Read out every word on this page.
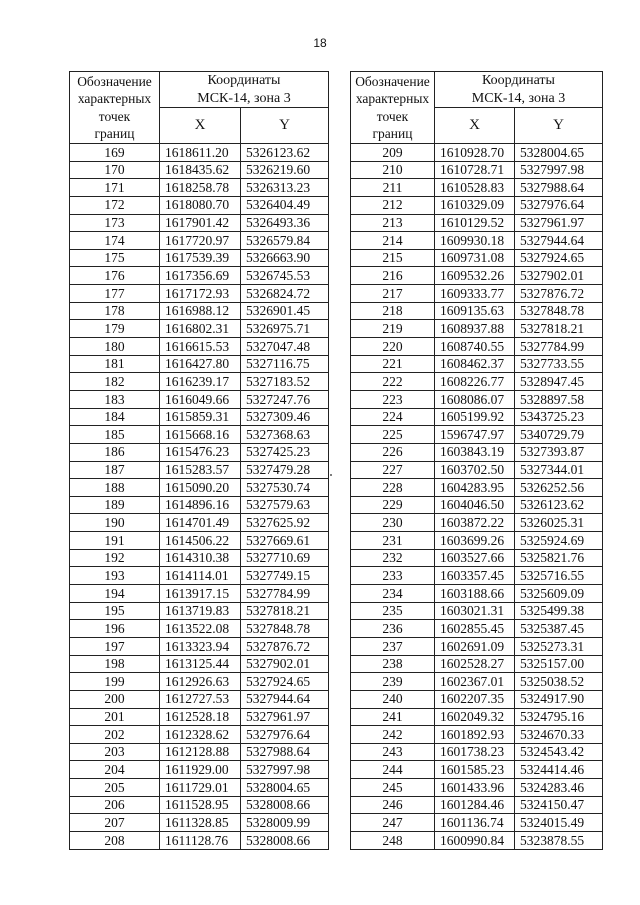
18
Обозначение
характерных
точек
границ	Координаты
МСК-14, зона 3	
	X	Y
169	1618611.20	5326123.62
170	1618435.62	5326219.60
171	1618258.78	5326313.23
172	1618080.70	5326404.49
173	1617901.42	5326493.36
174	1617720.97	5326579.84
175	1617539.39	5326663.90
176	1617356.69	5326745.53
177	1617172.93	5326824.72
178	1616988.12	5326901.45
179	1616802.31	5326975.71
180	1616615.53	5327047.48
181	1616427.80	5327116.75
182	1616239.17	5327183.52
183	1616049.66	5327247.76
184	1615859.31	5327309.46
185	1615668.16	5327368.63
186	1615476.23	5327425.23
187	1615283.57	5327479.28
188	1615090.20	5327530.74
189	1614896.16	5327579.63
190	1614701.49	5327625.92
191	1614506.22	5327669.61
192	1614310.38	5327710.69
193	1614114.01	5327749.15
194	1613917.15	5327784.99
195	1613719.83	5327818.21
196	1613522.08	5327848.78
197	1613323.94	5327876.72
198	1613125.44	5327902.01
199	1612926.63	5327924.65
200	1612727.53	5327944.64
201	1612528.18	5327961.97
202	1612328.62	5327976.64
203	1612128.88	5327988.64
204	1611929.00	5327997.98
205	1611729.01	5328004.65
206	1611528.95	5328008.66
207	1611328.85	5328009.99
208	1611128.76	5328008.66
Обозначение
характерных
точек
границ	Координаты
МСК-14, зона 3	
	X	Y
209	1610928.70	5328004.65
210	1610728.71	5327997.98
211	1610528.83	5327988.64
212	1610329.09	5327976.64
213	1610129.52	5327961.97
214	1609930.18	5327944.64
215	1609731.08	5327924.65
216	1609532.26	5327902.01
217	1609333.77	5327876.72
218	1609135.63	5327848.78
219	1608937.88	5327818.21
220	1608740.55	5327784.99
221	1608462.37	5327733.55
222	1608226.77	5328947.45
223	1608086.07	5328897.58
224	1605199.92	5343725.23
225	1596747.97	5340729.79
226	1603843.19	5327393.87
227	1603702.50	5327344.01
228	1604283.95	5326252.56
229	1604046.50	5326123.62
230	1603872.22	5326025.31
231	1603699.26	5325924.69
232	1603527.66	5325821.76
233	1603357.45	5325716.55
234	1603188.66	5325609.09
235	1603021.31	5325499.38
236	1602855.45	5325387.45
237	1602691.09	5325273.31
238	1602528.27	5325157.00
239	1602367.01	5325038.52
240	1602207.35	5324917.90
241	1602049.32	5324795.16
242	1601892.93	5324670.33
243	1601738.23	5324543.42
244	1601585.23	5324414.46
245	1601433.96	5324283.46
246	1601284.46	5324150.47
247	1601136.74	5324015.49
248	1600990.84	5323878.55
